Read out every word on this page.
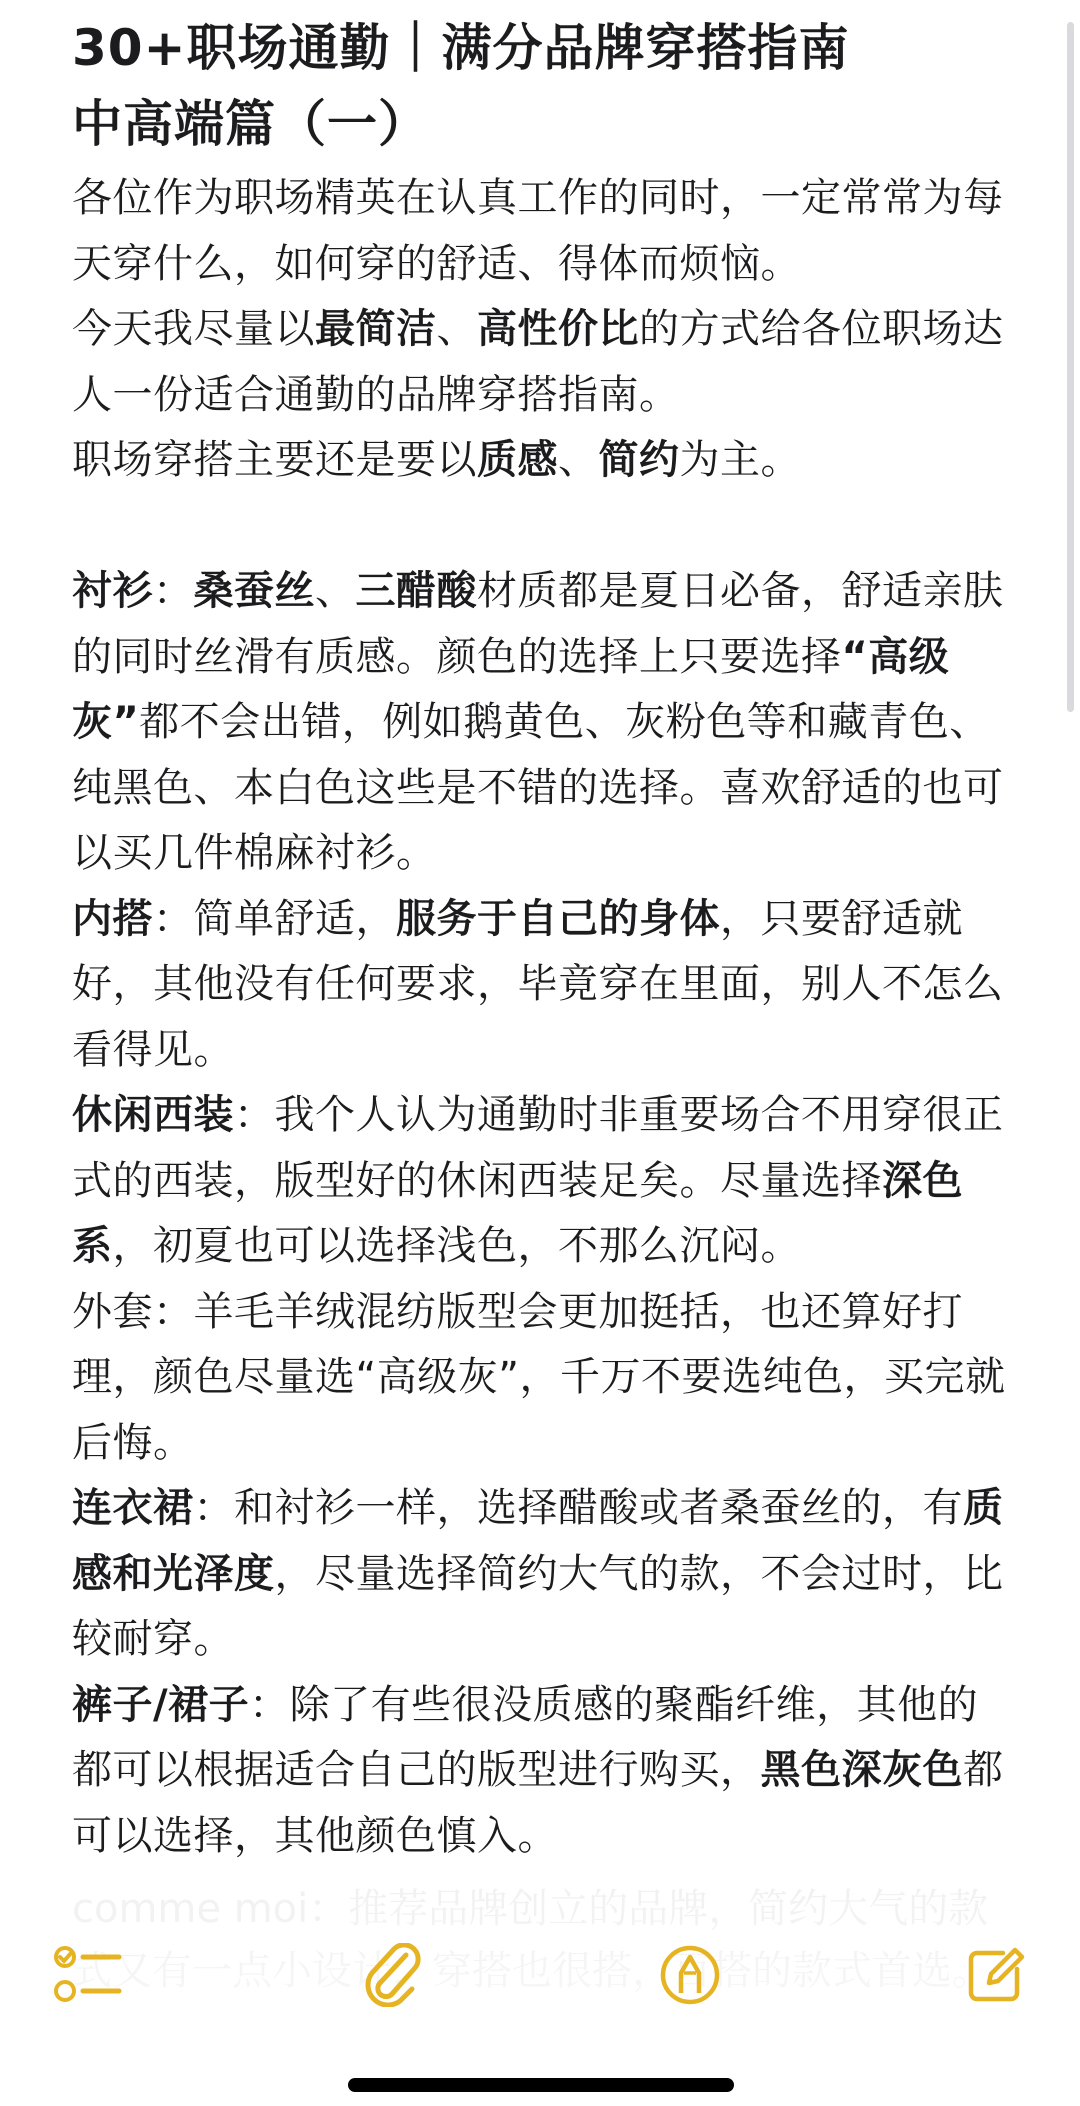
30+职场通勤｜满分品牌穿搭指南
中高端篇（一）

各位作为职场精英在认真工作的同时，一定常常为每天穿什么，如何穿的舒适、得体而烦恼。

今天我尽量以最简洁、高性价比的方式给各位职场达人一份适合通勤的品牌穿搭指南。

职场穿搭主要还是要以质感、简约为主。

衬衫：桑蚕丝、三醋酸材质都是夏日必备，舒适亲肤的同时丝滑有质感。颜色的选择上只要选择“高级灰”都不会出错，例如鹅黄色、灰粉色等和藏青色、纯黑色、本白色这些是不错的选择。喜欢舒适的也可以买几件棉麻衬衫。

内搭：简单舒适，服务于自己的身体，只要舒适就好，其他没有任何要求，毕竟穿在里面，别人不怎么看得见。

休闲西装：我个人认为通勤时非重要场合不用穿很正式的西装，版型好的休闲西装足矣。尽量选择深色系，初夏也可以选择浅色，不那么沉闷。

外套：羊毛羊绒混纺版型会更加挺括，也还算好打理，颜色尽量选“高级灰”，千万不要选纯色，买完就后悔。

连衣裙：和衬衫一样，选择醋酸或者桑蚕丝的，有质感和光泽度，尽量选择简约大气的款，不会过时，比较耐穿。

裤子/裙子：除了有些很没质感的聚酯纤维，其他的都可以根据适合自己的版型进行购买，黑色深灰色都可以选择，其他颜色慎入。
